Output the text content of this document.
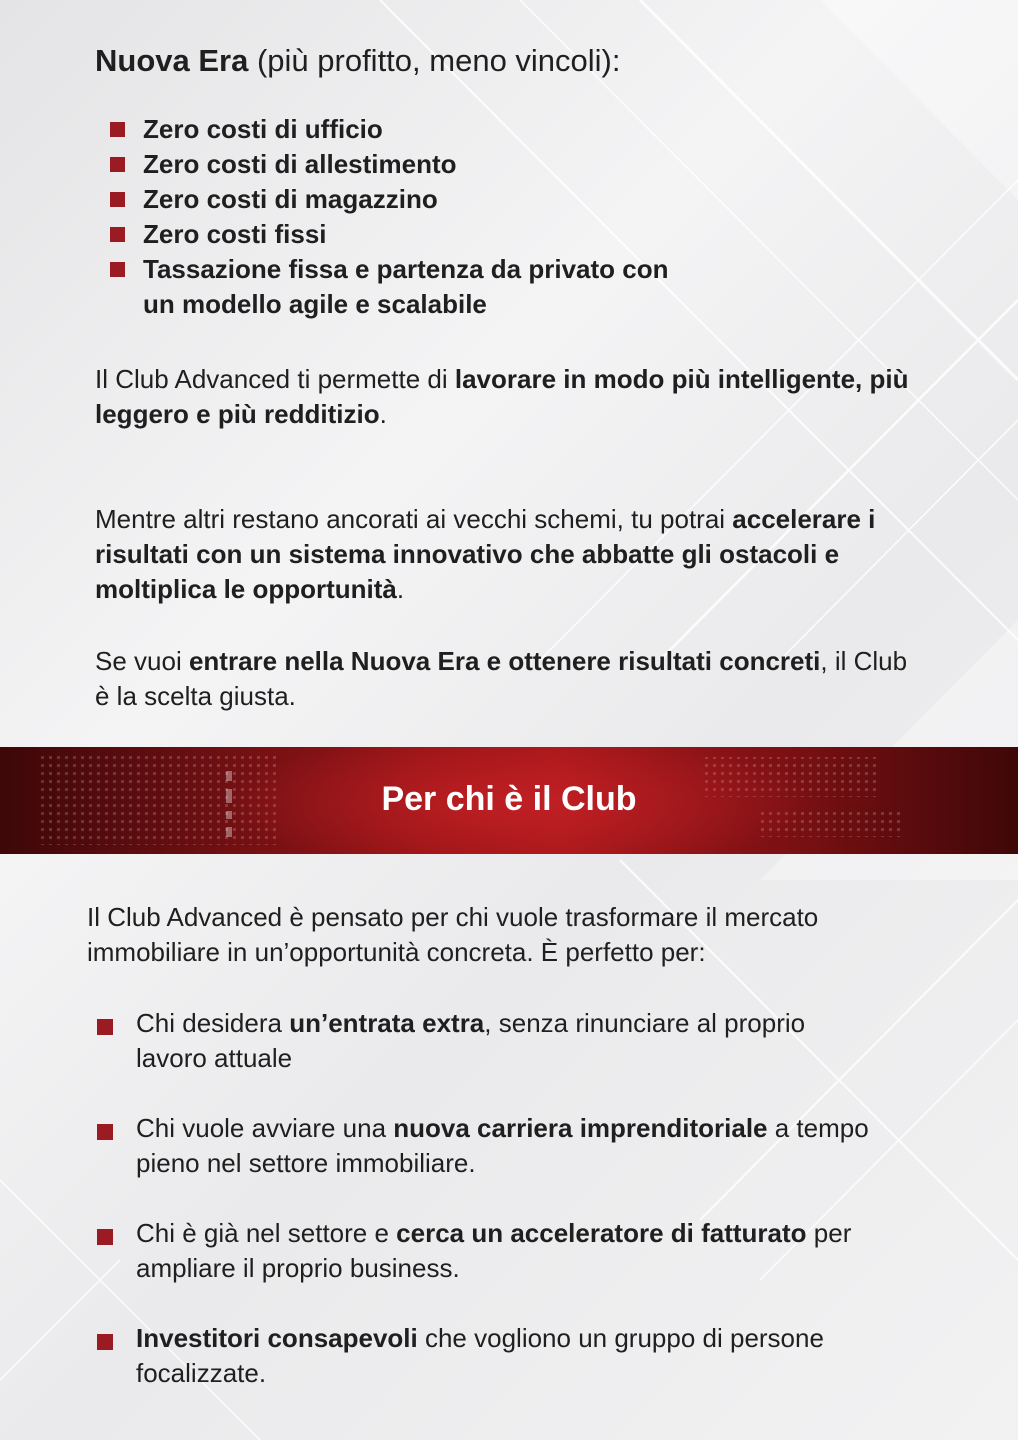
Nuova Era (più profitto, meno vincoli):
Zero costi di ufficio
Zero costi di allestimento
Zero costi di magazzino
Zero costi fissi
Tassazione fissa e partenza da privato con un modello agile e scalabile

Il Club Advanced ti permette di lavorare in modo più intelligente, più leggero e più redditizio.

Mentre altri restano ancorati ai vecchi schemi, tu potrai accelerare i risultati con un sistema innovativo che abbatte gli ostacoli e moltiplica le opportunità.

Se vuoi entrare nella Nuova Era e ottenere risultati concreti, il Club è la scelta giusta.

Per chi è il Club

Il Club Advanced è pensato per chi vuole trasformare il mercato immobiliare in un’opportunità concreta. È perfetto per:

Chi desidera un’entrata extra, senza rinunciare al proprio lavoro attuale
Chi vuole avviare una nuova carriera imprenditoriale a tempo pieno nel settore immobiliare.
Chi è già nel settore e cerca un acceleratore di fatturato per ampliare il proprio business.
Investitori consapevoli che vogliono un gruppo di persone focalizzate.
